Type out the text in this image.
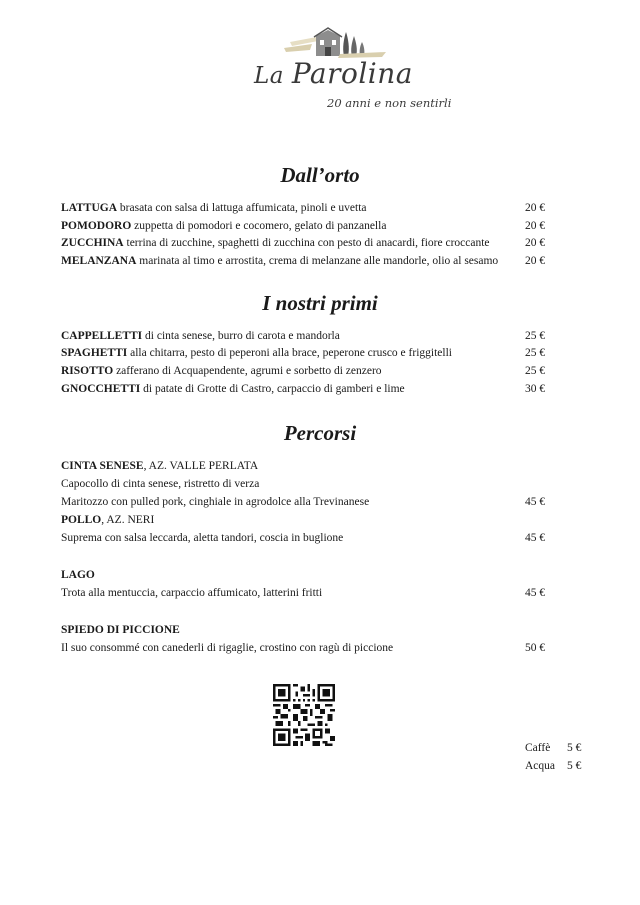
La Parolina
20 anni e non sentirli
Dall’orto
LATTUGA brasata con salsa di lattuga affumicata, pinoli e uvetta	20 €
POMODORO zuppetta di pomodori e cocomero, gelato di panzanella	20 €
ZUCCHINA terrina di zucchine, spaghetti di zucchina con pesto di anacardi, fiore croccante	20 €
MELANZANA marinata al timo e arrostita, crema di melanzane alle mandorle, olio al sesamo 20 €
I nostri primi
CAPPELLETTI di cinta senese, burro di carota e mandorla	25 €
SPAGHETTI alla chitarra, pesto di peperoni alla brace, peperone crusco e friggitelli	25 €
RISOTTO zafferano di Acquapendente, agrumi e sorbetto di zenzero	25 €
GNOCCHETTI di patate di Grotte di Castro, carpaccio di gamberi e lime	30 €
Percorsi
CINTA SENESE, AZ. VALLE PERLATA
Capocollo di cinta senese, ristretto di verza
Maritozzo con pulled pork, cinghiale in agrodolce alla Trevinanese	45 €
POLLO, AZ. NERI
Suprema con salsa leccarda, aletta tandori, coscia in buglione	45 €
LAGO
Trota alla mentuccia, carpaccio affumicato, latterini fritti	45 €
SPIEDO DI PICCIONE
Il suo consommé con canederli di rigaglie, crostino con ragù di piccione	50 €
Caffè 5 €
Acqua 5 €
